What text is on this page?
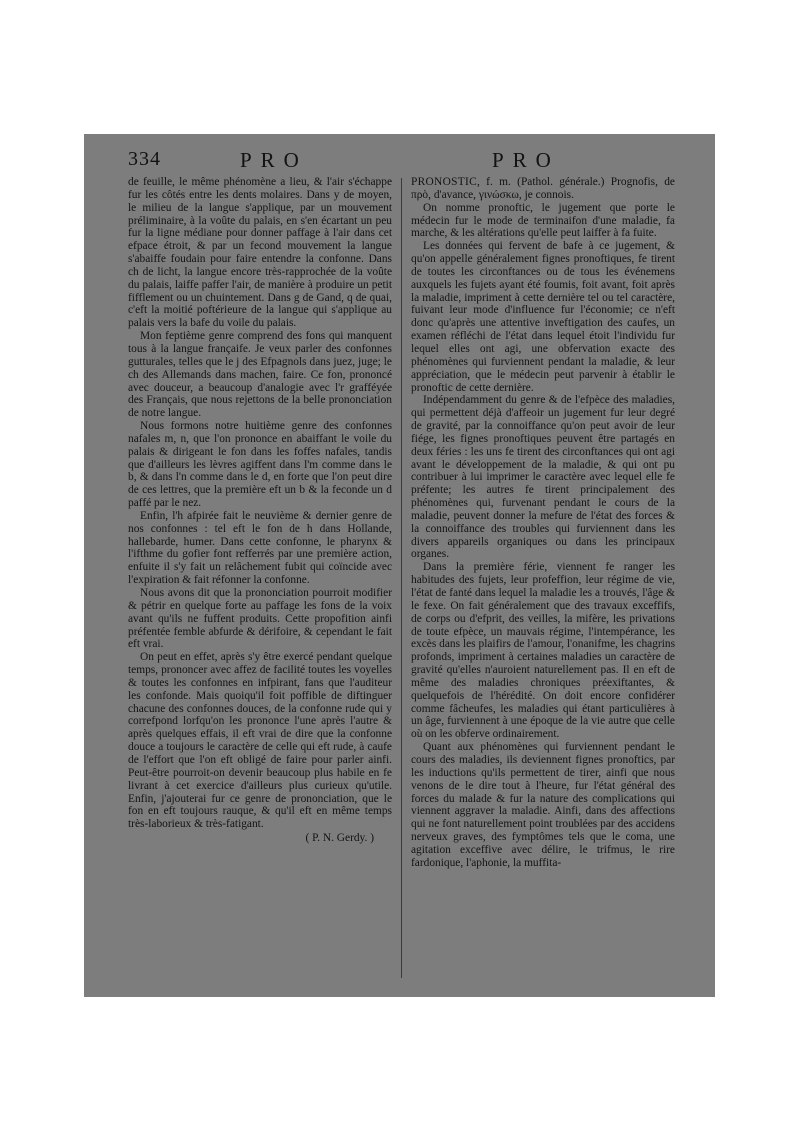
334	PRO	PRO

de feuille, le même phénomène a lieu, & l'air s'échappe fur les côtés entre les dents molaires. Dans y de moyen, le milieu de la langue s'applique, par un mouvement préliminaire, à la voûte du palais, en s'en écartant un peu fur la ligne médiane pour donner paffage à l'air dans cet efpace étroit, & par un fecond mouvement la langue s'abaiffe foudain pour faire entendre la confonne. Dans ch de licht, la langue encore très-rapprochée de la voûte du palais, laiffe paffer l'air, de manière à produire un petit fifflement ou un chuintement. Dans g de Gand, q de quai, c'eft la moitié poftérieure de la langue qui s'applique au palais vers la bafe du voile du palais.

Mon feptième genre comprend des fons qui manquent tous à la langue françaife. Je veux parler des confonnes gutturales, telles que le j des Efpagnols dans juez, juge; le ch des Allemands dans machen, faire. Ce fon, prononcé avec douceur, a beaucoup d'analogie avec l'r grafféyée des Français, que nous rejettons de la belle prononciation de notre langue.

Nous formons notre huitième genre des confonnes nafales m, n, que l'on prononce en abaiffant le voile du palais & dirigeant le fon dans les foffes nafales, tandis que d'ailleurs les lèvres agiffent dans l'm comme dans le b, & dans l'n comme dans le d, en forte que l'on peut dire de ces lettres, que la première eft un b & la feconde un d paffé par le nez.

Enfin, l'h afpirée fait le neuvième & dernier genre de nos confonnes : tel eft le fon de h dans Hollande, hallebarde, humer. Dans cette confonne, le pharynx & l'ifthme du gofier font refferrés par une première action, enfuite il s'y fait un relâchement fubit qui coïncide avec l'expiration & fait réfonner la confonne.

Nous avons dit que la prononciation pourroit modifier & pétrir en quelque forte au paffage les fons de la voix avant qu'ils ne fuffent produits. Cette propofition ainfi préfentée femble abfurde & dérifoire, & cependant le fait eft vrai.

On peut en effet, après s'y être exercé pendant quelque temps, prononcer avec affez de facilité toutes les voyelles & toutes les confonnes en infpirant, fans que l'auditeur les confonde. Mais quoiqu'il foit poffible de diftinguer chacune des confonnes douces, de la confonne rude qui y correfpond lorfqu'on les prononce l'une après l'autre & après quelques effais, il eft vrai de dire que la confonne douce a toujours le caractère de celle qui eft rude, à caufe de l'effort que l'on eft obligé de faire pour parler ainfi. Peut-être pourroit-on devenir beaucoup plus habile en fe livrant à cet exercice d'ailleurs plus curieux qu'utile. Enfin, j'ajouterai fur ce genre de prononciation, que le fon en eft toujours rauque, & qu'il eft en même temps très-laborieux & très-fatigant.

( P. N. Gerdy. )

PRONOSTIC, f. m. (Pathol. générale.) Prognofis, de πρὸ, d'avance, γινώσκω, je connois.

On nomme pronoftic, le jugement que porte le médecin fur le mode de terminaifon d'une maladie, fa marche, & les altérations qu'elle peut laiffer à fa fuite.

Les données qui fervent de bafe à ce jugement, & qu'on appelle généralement fignes pronoftiques, fe tirent de toutes les circonftances ou de tous les événemens auxquels les fujets ayant été foumis, foit avant, foit après la maladie, impriment à cette dernière tel ou tel caractère, fuivant leur mode d'influence fur l'économie; ce n'eft donc qu'après une attentive inveftigation des caufes, un examen réfléchi de l'état dans lequel étoit l'individu fur lequel elles ont agi, une obfervation exacte des phénomènes qui furviennent pendant la maladie, & leur appréciation, que le médecin peut parvenir à établir le pronoftic de cette dernière.

Indépendamment du genre & de l'efpèce des maladies, qui permettent déjà d'affeoir un jugement fur leur degré de gravité, par la connoiffance qu'on peut avoir de leur fiége, les fignes pronoftiques peuvent être partagés en deux féries : les uns fe tirent des circonftances qui ont agi avant le développement de la maladie, & qui ont pu contribuer à lui imprimer le caractère avec lequel elle fe préfente; les autres fe tirent principalement des phénomènes qui, furvenant pendant le cours de la maladie, peuvent donner la mefure de l'état des forces & la connoiffance des troubles qui furviennent dans les divers appareils organiques ou dans les principaux organes.

Dans la première férie, viennent fe ranger les habitudes des fujets, leur profeffion, leur régime de vie, l'état de fanté dans lequel la maladie les a trouvés, l'âge & le fexe. On fait généralement que des travaux exceffifs, de corps ou d'efprit, des veilles, la mifère, les privations de toute efpèce, un mauvais régime, l'intempérance, les excès dans les plaifirs de l'amour, l'onanifme, les chagrins profonds, impriment à certaines maladies un caractère de gravité qu'elles n'auroient naturellement pas. Il en eft de même des maladies chroniques préexiftantes, & quelquefois de l'hérédité. On doit encore confidérer comme fâcheufes, les maladies qui étant particulières à un âge, furviennent à une époque de la vie autre que celle où on les obferve ordinairement.

Quant aux phénomènes qui furviennent pendant le cours des maladies, ils deviennent fignes pronoftics, par les inductions qu'ils permettent de tirer, ainfi que nous venons de le dire tout à l'heure, fur l'état général des forces du malade & fur la nature des complications qui viennent aggraver la maladie. Ainfi, dans des affections qui ne font naturellement point troublées par des accidens nerveux graves, des fymptômes tels que le coma, une agitation exceffive avec délire, le trifmus, le rire fardonique, l'aphonie, la muffita-
